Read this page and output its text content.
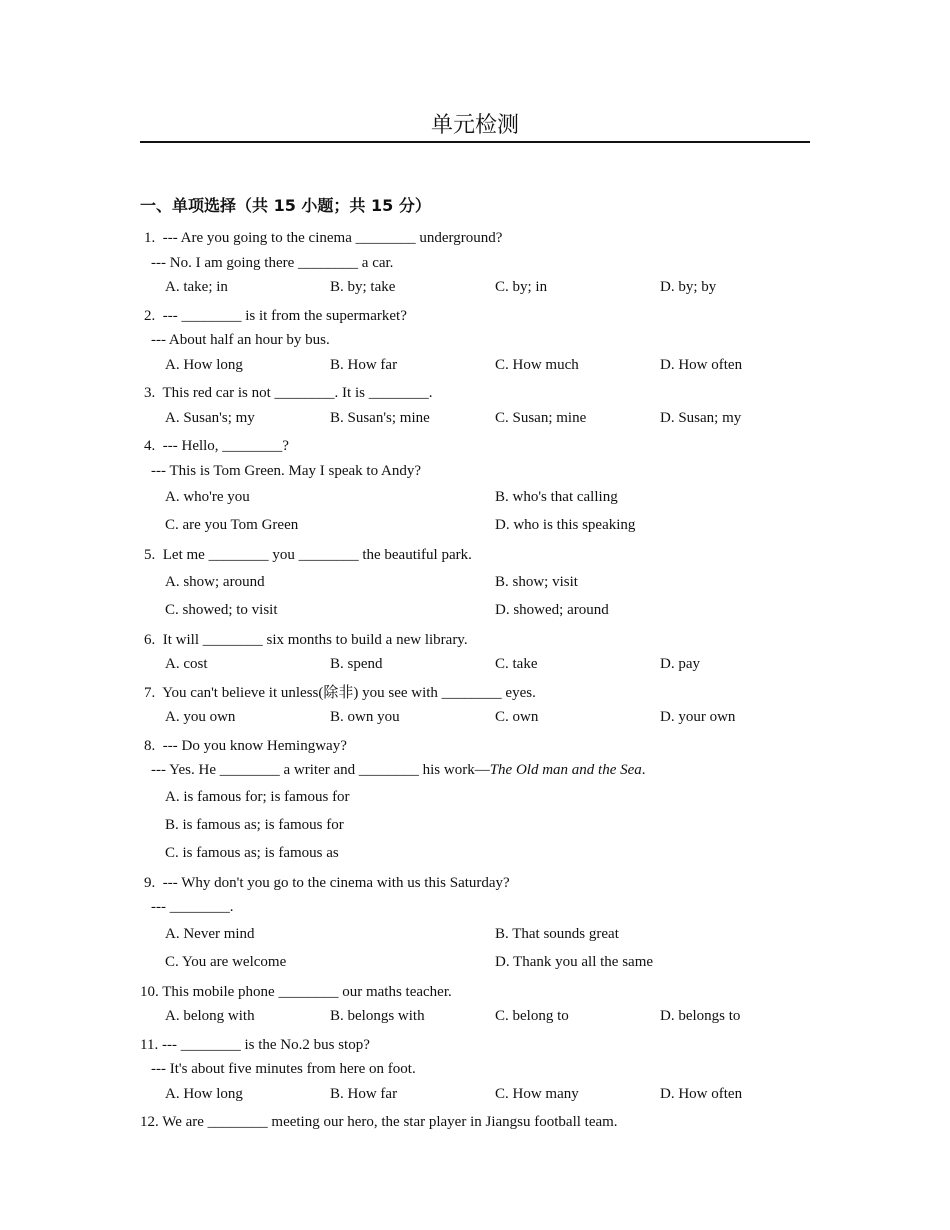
单元检测
一、单项选择（共 15 小题；共 15 分）
1. --- Are you going to the cinema ________ underground?
--- No. I am going there ________ a car.
A. take; in	B. by; take	C. by; in	D. by; by
2. --- ________ is it from the supermarket?
--- About half an hour by bus.
A. How long	B. How far	C. How much	D. How often
3. This red car is not ________. It is ________.
A. Susan's; my	B. Susan's; mine	C. Susan; mine	D. Susan; my
4. --- Hello, ________?
--- This is Tom Green. May I speak to Andy?
A. who're you	B. who's that calling
C. are you Tom Green	D. who is this speaking
5. Let me ________ you ________ the beautiful park.
A. show; around	B. show; visit
C. showed; to visit	D. showed; around
6. It will ________ six months to build a new library.
A. cost	B. spend	C. take	D. pay
7. You can't believe it unless(除非) you see with ________ eyes.
A. you own	B. own you	C. own	D. your own
8. --- Do you know Hemingway?
--- Yes. He ________ a writer and ________ his work—The Old man and the Sea.
A. is famous for; is famous for
B. is famous as; is famous for
C. is famous as; is famous as
9. --- Why don't you go to the cinema with us this Saturday?
--- ________.
A. Never mind	B. That sounds great
C. You are welcome	D. Thank you all the same
10. This mobile phone ________ our maths teacher.
A. belong with	B. belongs with	C. belong to	D. belongs to
11. --- ________ is the No.2 bus stop?
--- It's about five minutes from here on foot.
A. How long	B. How far	C. How many	D. How often
12. We are ________ meeting our hero, the star player in Jiangsu football team.
